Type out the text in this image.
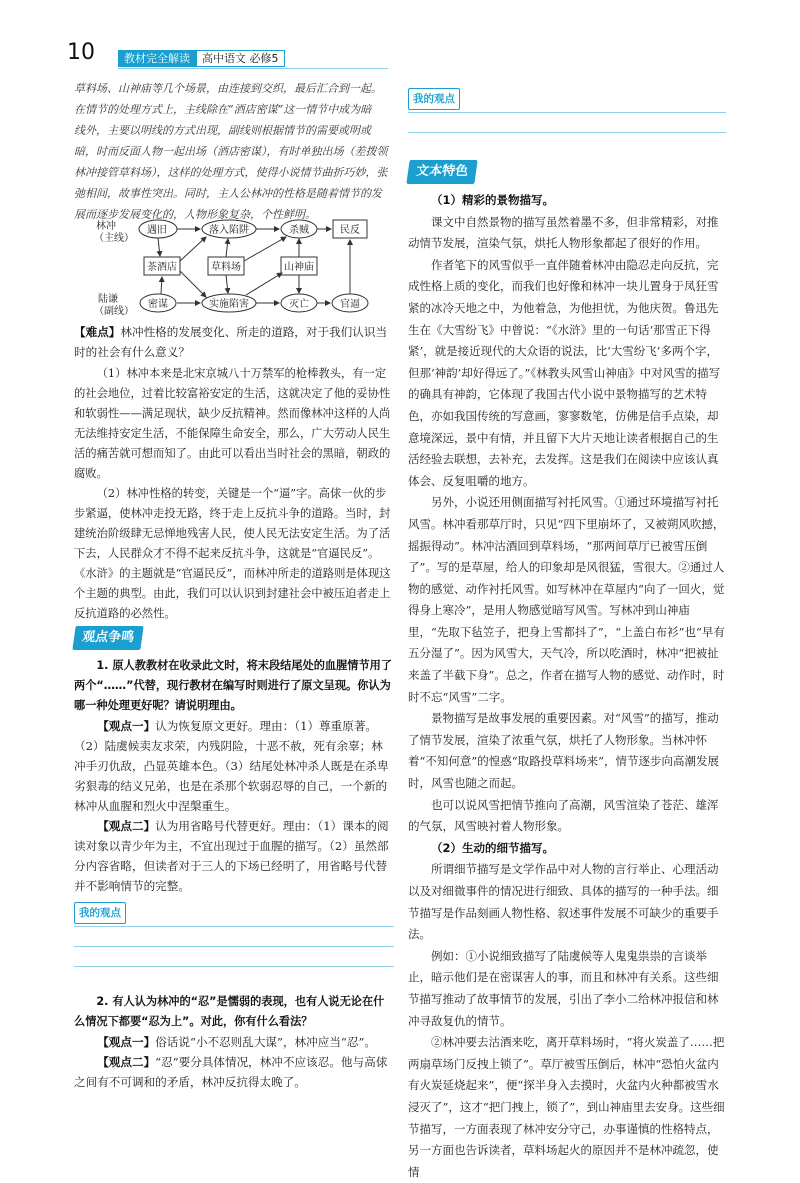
10	教材完全解读	高中语文 必修5

草料场、山神庙等几个场景，由连接到交织，最后汇合到一起。

在情节的处理方式上，主线除在“酒店密谋”这一情节中成为暗

线外，主要以明线的方式出现，副线则根据情节的需要或明或

暗，时而反面人物一起出场（酒店密谋），有时单独出场（差拨领

林冲接管草料场），这样的处理方式，使得小说情节曲折巧妙，张

弛相间，故事性突出。同时，主人公林冲的性格是随着情节的发

展而逐步发展变化的，人物形象复杂，个性鲜明。

林冲
（主线）
陆谦
（副线）
遇旧	落入陷阱	杀贼	民反
茶酒店	草料场	山神庙
密谋	实施陷害	灭亡	官逼

【难点】林冲性格的发展变化、所走的道路，对于我们认识当时的社会有什么意义？

（1）林冲本来是北宋京城八十万禁军的枪棒教头，有一定的社会地位，过着比较富裕安定的生活，这就决定了他的妥协性和软弱性——满足现状，缺少反抗精神。然而像林冲这样的人尚无法维持安定生活，不能保障生命安全，那么，广大劳动人民生活的痛苦就可想而知了。由此可以看出当时社会的黑暗，朝政的腐败。

（2）林冲性格的转变，关键是一个“逼”字。高俅一伙的步步紧逼，使林冲走投无路，终于走上反抗斗争的道路。当时，封建统治阶级肆无忌惮地残害人民，使人民无法安定生活。为了活下去，人民群众才不得不起来反抗斗争，这就是“官逼民反”。《水浒》的主题就是“官逼民反”，而林冲所走的道路则是体现这个主题的典型。由此，我们可以认识到封建社会中被压迫者走上反抗道路的必然性。

观点争鸣

1. 原人教教材在收录此文时，将末段结尾处的血腥情节用了两个“……”代替，现行教材在编写时则进行了原文呈现。你认为哪一种处理更好呢？请说明理由。

【观点一】认为恢复原文更好。理由：（1）尊重原著。（2）陆虞候卖友求荣，内残阴险，十恶不赦，死有余辜；林冲手刃仇敌，凸显英雄本色。（3）结尾处林冲杀人既是在杀卑劣狠毒的结义兄弟，也是在杀那个软弱忍辱的自己，一个新的林冲从血腥和烈火中涅槃重生。

【观点二】认为用省略号代替更好。理由：（1）课本的阅读对象以青少年为主，不宜出现过于血腥的描写。（2）虽然部分内容省略，但读者对于三人的下场已经明了，用省略号代替并不影响情节的完整。

我的观点

2. 有人认为林冲的“忍”是懦弱的表现，也有人说无论在什么情况下都要“忍为上”。对此，你有什么看法？

【观点一】俗话说“小不忍则乱大谋”，林冲应当“忍”。

【观点二】“忍”要分具体情况，林冲不应该忍。他与高俅之间有不可调和的矛盾，林冲反抗得太晚了。

我的观点
文本特色

（1）精彩的景物描写。

课文中自然景物的描写虽然着墨不多，但非常精彩，对推动情节发展，渲染气氛，烘托人物形象都起了很好的作用。

作者笔下的风雪似乎一直伴随着林冲由隐忍走向反抗，完成性格上质的变化，而我们也好像和林冲一块儿置身于凤狂雪紧的冰冷天地之中，为他着急，为他担忧，为他庆贺。鲁迅先生在《大雪纷飞》中曾说：“《水浒》里的一句话‘那雪正下得紧’，就是接近现代的大众语的说法，比‘大雪纷飞’多两个字，但那‘神韵’却好得远了。”《林教头风雪山神庙》中对风雪的描写的确具有神韵，它体现了我国古代小说中景物描写的艺术特色，亦如我国传统的写意画，寥寥数笔，仿佛是信手点染，却意境深远，景中有情，并且留下大片天地让读者根据自己的生活经验去联想，去补充，去发挥。这是我们在阅读中应该认真体会、反复咀嚼的地方。

另外，小说还用侧面描写衬托风雪。①通过环境描写衬托风雪。林冲看那草厅时，只见“四下里崩坏了，又被朔风吹撼，摇振得动”。林冲沽酒回到草料场，“那两间草厅已被雪压倒了”。写的是草屋，给人的印象却是风很猛，雪很大。②通过人物的感觉、动作衬托风雪。如写林冲在草屋内“向了一回火，觉得身上寒冷”，是用人物感觉暗写风雪。写林冲到山神庙里，“先取下毡笠子，把身上雪都抖了”，“上盖白布衫”也“早有五分湿了”。因为风雪大，天气冷，所以吃酒时，林冲“把被扯来盖了半截下身”。总之，作者在描写人物的感觉、动作时，时时不忘“风雪”二字。

景物描写是故事发展的重要因素。对“风雪”的描写，推动了情节发展，渲染了浓重气氛，烘托了人物形象。当林冲怀着“不知何意”的惶惑“取路投草料场来”，情节逐步向高潮发展时，风雪也随之而起。

也可以说风雪把情节推向了高潮，风雪渲染了苍茫、雄浑的气氛，风雪映衬着人物形象。

（2）生动的细节描写。

所谓细节描写是文学作品中对人物的言行举止、心理活动以及对细微事件的情况进行细致、具体的描写的一种手法。细节描写是作品刻画人物性格、叙述事件发展不可缺少的重要手法。

例如：①小说细致描写了陆虞候等人鬼鬼祟祟的言谈举止，暗示他们是在密谋害人的事，而且和林冲有关系。这些细节描写推动了故事情节的发展，引出了李小二给林冲报信和林冲寻敌复仇的情节。

②林冲要去沽酒来吃，离开草料场时，“将火炭盖了……把两扇草场门反拽上锁了”。草厅被雪压倒后，林冲“恐怕火盆内有火炭延烧起来”，便“探半身入去摸时，火盆内火种都被雪水浸灭了”，这才“把门拽上，锁了”，到山神庙里去安身。这些细节描写，一方面表现了林冲安分守己，办事谨慎的性格特点，另一方面也告诉读者，草料场起火的原因并不是林冲疏忽，使情
